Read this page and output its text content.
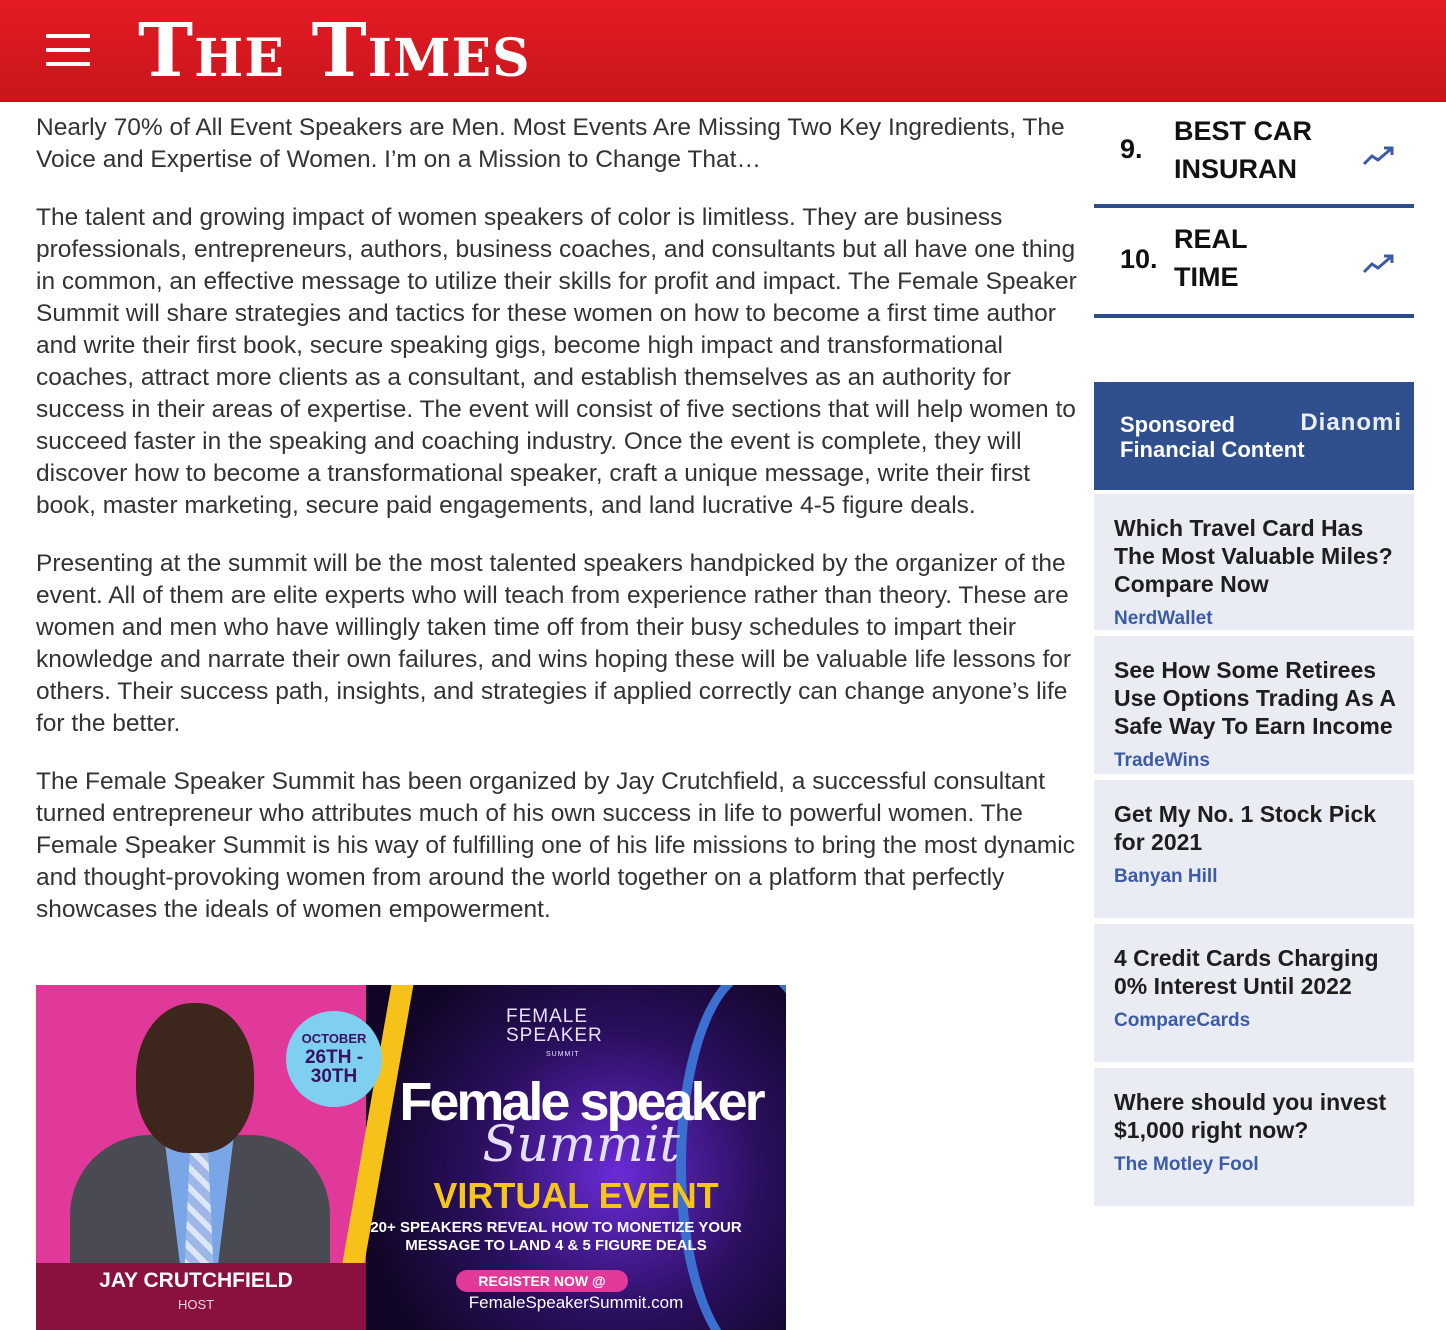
The Times

Nearly 70% of All Event Speakers are Men. Most Events Are Missing Two Key Ingredients, The Voice and Expertise of Women. I’m on a Mission to Change That…

The talent and growing impact of women speakers of color is limitless. They are business professionals, entrepreneurs, authors, business coaches, and consultants but all have one thing in common, an effective message to utilize their skills for profit and impact. The Female Speaker Summit will share strategies and tactics for these women on how to become a first time author and write their first book, secure speaking gigs, become high impact and transformational coaches, attract more clients as a consultant, and establish themselves as an authority for success in their areas of expertise. The event will consist of five sections that will help women to succeed faster in the speaking and coaching industry. Once the event is complete, they will discover how to become a transformational speaker, craft a unique message, write their first book, master marketing, secure paid engagements, and land lucrative 4-5 figure deals.

Presenting at the summit will be the most talented speakers handpicked by the organizer of the event. All of them are elite experts who will teach from experience rather than theory. These are women and men who have willingly taken time off from their busy schedules to impart their knowledge and narrate their own failures, and wins hoping these will be valuable life lessons for others. Their success path, insights, and strategies if applied correctly can change anyone’s life for the better.

The Female Speaker Summit has been organized by Jay Crutchfield, a successful consultant turned entrepreneur who attributes much of his own success in life to powerful women. The Female Speaker Summit is his way of fulfilling one of his life missions to bring the most dynamic and thought-provoking women from around the world together on a platform that perfectly showcases the ideals of women empowerment.

OCTOBER
26TH -
30TH
FEMALE
SPEAKER
SUMMIT
Female speaker
Summit
VIRTUAL EVENT
20+ SPEAKERS REVEAL HOW TO MONETIZE YOUR
MESSAGE TO LAND 4 & 5 FIGURE DEALS
REGISTER NOW @
FemaleSpeakerSummit.com
JAY CRUTCHFIELD
HOST
9.
BEST CAR
INSURAN
10.
REAL
TIME
Sponsored Financial Content
Dianomi
Which Travel Card Has The Most Valuable Miles? Compare Now
NerdWallet
See How Some Retirees Use Options Trading As A Safe Way To Earn Income
TradeWins
Get My No. 1 Stock Pick for 2021
Banyan Hill
4 Credit Cards Charging 0% Interest Until 2022
CompareCards
Where should you invest $1,000 right now?
The Motley Fool
